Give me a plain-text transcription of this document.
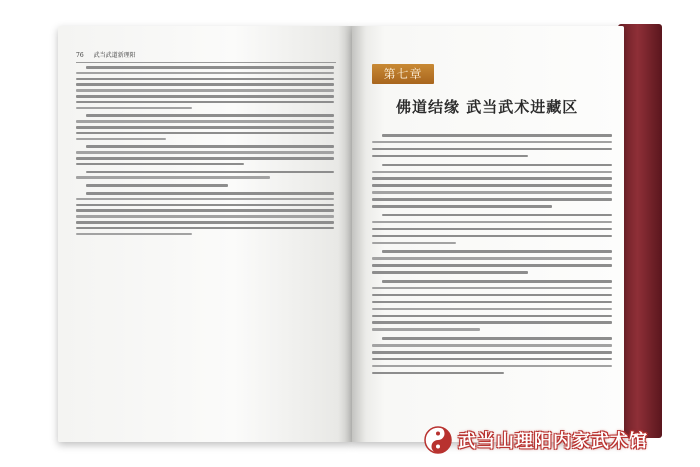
76 武当武道新理阳
第七章
佛道结缘 武当武术进藏区
武当山理阳内家武术馆
